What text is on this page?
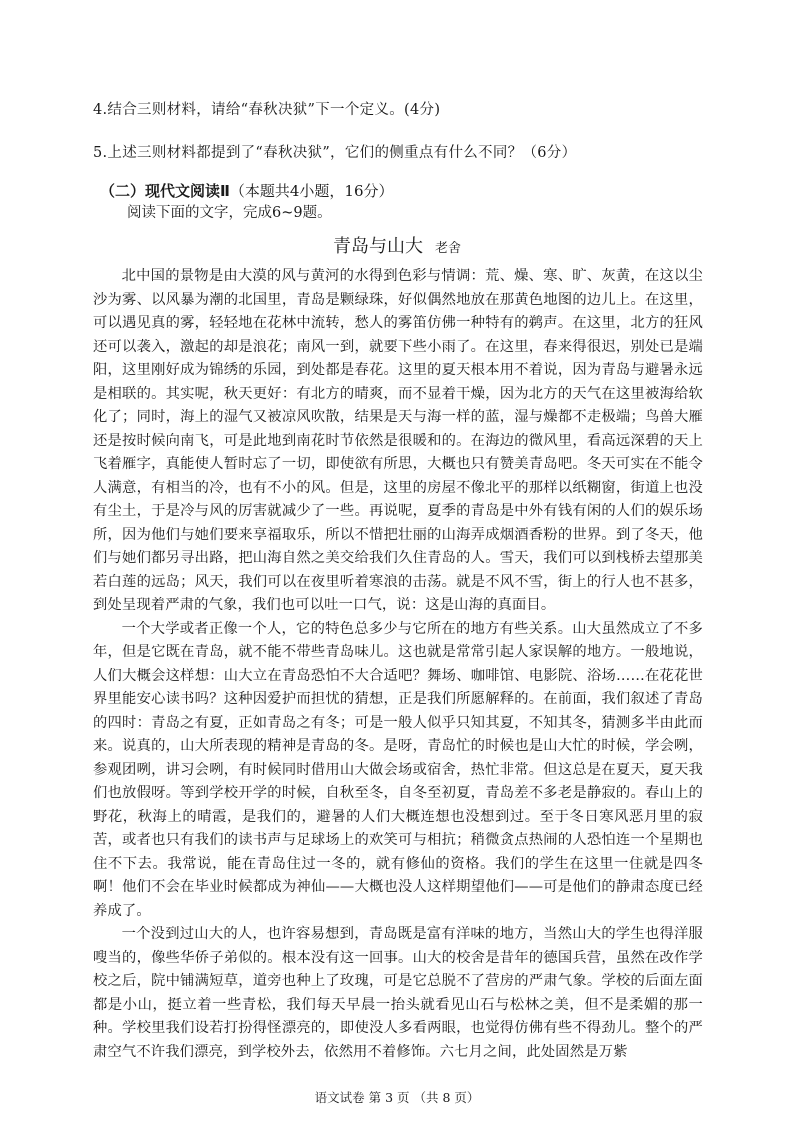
4.结合三则材料，请给“春秋决狱”下一个定义。(4分)
5.上述三则材料都提到了“春秋决狱”，它们的侧重点有什么不同？（6分）
（二）现代文阅读Ⅱ（本题共4小题，16分）
阅读下面的文字，完成6~9题。
青岛与山大 老舍

北中国的景物是由大漠的风与黄河的水得到色彩与情调：荒、燥、寒、旷、灰黄，在这以尘沙为雾、以风暴为潮的北国里，青岛是颗绿珠，好似偶然地放在那黄色地图的边儿上。在这里，可以遇见真的雾，轻轻地在花林中流转，愁人的雾笛仿佛一种特有的鹈声。在这里，北方的狂风还可以袭入，激起的却是浪花；南风一到，就要下些小雨了。在这里，春来得很迟，别处已是端阳，这里刚好成为锦绣的乐园，到处都是春花。这里的夏天根本用不着说，因为青岛与避暑永远是相联的。其实呢，秋天更好：有北方的晴爽，而不显着干燥，因为北方的天气在这里被海给软化了；同时，海上的湿气又被凉风吹散，结果是天与海一样的蓝，湿与燥都不走极端；鸟兽大雁还是按时候向南飞，可是此地到南花时节依然是很暖和的。在海边的微风里，看高远深碧的天上飞着雁字，真能使人暂时忘了一切，即使欲有所思，大概也只有赞美青岛吧。冬天可实在不能令人满意，有相当的冷，也有不小的风。但是，这里的房屋不像北平的那样以纸糊窗，街道上也没有尘土，于是冷与风的厉害就减少了一些。再说呢，夏季的青岛是中外有钱有闲的人们的娱乐场所，因为他们与她们要来享福取乐，所以不惜把壮丽的山海弄成烟酒香粉的世界。到了冬天，他们与她们都另寻出路，把山海自然之美交给我们久住青岛的人。雪天，我们可以到栈桥去望那美若白莲的远岛；风天，我们可以在夜里听着寒浪的击荡。就是不风不雪，街上的行人也不甚多，到处呈现着严肃的气象，我们也可以吐一口气，说：这是山海的真面目。

一个大学或者正像一个人，它的特色总多少与它所在的地方有些关系。山大虽然成立了不多年，但是它既在青岛，就不能不带些青岛味儿。这也就是常常引起人家误解的地方。一般地说，人们大概会这样想：山大立在青岛恐怕不大合适吧？舞场、咖啡馆、电影院、浴场……在花花世界里能安心读书吗？这种因爱护而担忧的猜想，正是我们所愿解释的。在前面，我们叙述了青岛的四时：青岛之有夏，正如青岛之有冬；可是一般人似乎只知其夏，不知其冬，猜测多半由此而来。说真的，山大所表现的精神是青岛的冬。是呀，青岛忙的时候也是山大忙的时候，学会咧，参观团咧，讲习会咧，有时候同时借用山大做会场或宿舍，热忙非常。但这总是在夏天，夏天我们也放假呀。等到学校开学的时候，自秋至冬，自冬至初夏，青岛差不多老是静寂的。春山上的野花，秋海上的晴霞，是我们的，避暑的人们大概连想也没想到过。至于冬日寒风恶月里的寂苦，或者也只有我们的读书声与足球场上的欢笑可与相抗；稍微贪点热闹的人恐怕连一个星期也住不下去。我常说，能在青岛住过一冬的，就有修仙的资格。我们的学生在这里一住就是四冬啊！他们不会在毕业时候都成为神仙——大概也没人这样期望他们——可是他们的静肃态度已经养成了。

一个没到过山大的人，也许容易想到，青岛既是富有洋味的地方，当然山大的学生也得洋服嗖当的，像些华侨子弟似的。根本没有这一回事。山大的校舍是昔年的德国兵营，虽然在改作学校之后，院中铺满短草，道旁也种上了玫瑰，可是它总脱不了营房的严肃气象。学校的后面左面都是小山，挺立着一些青松，我们每天早晨一抬头就看见山石与松林之美，但不是柔媚的那一种。学校里我们设若打扮得怪漂亮的，即使没人多看两眼，也觉得仿佛有些不得劲儿。整个的严肃空气不许我们漂亮，到学校外去，依然用不着修饰。六七月之间，此处固然是万紫

语文试卷 第 3 页 （共 8 页）
